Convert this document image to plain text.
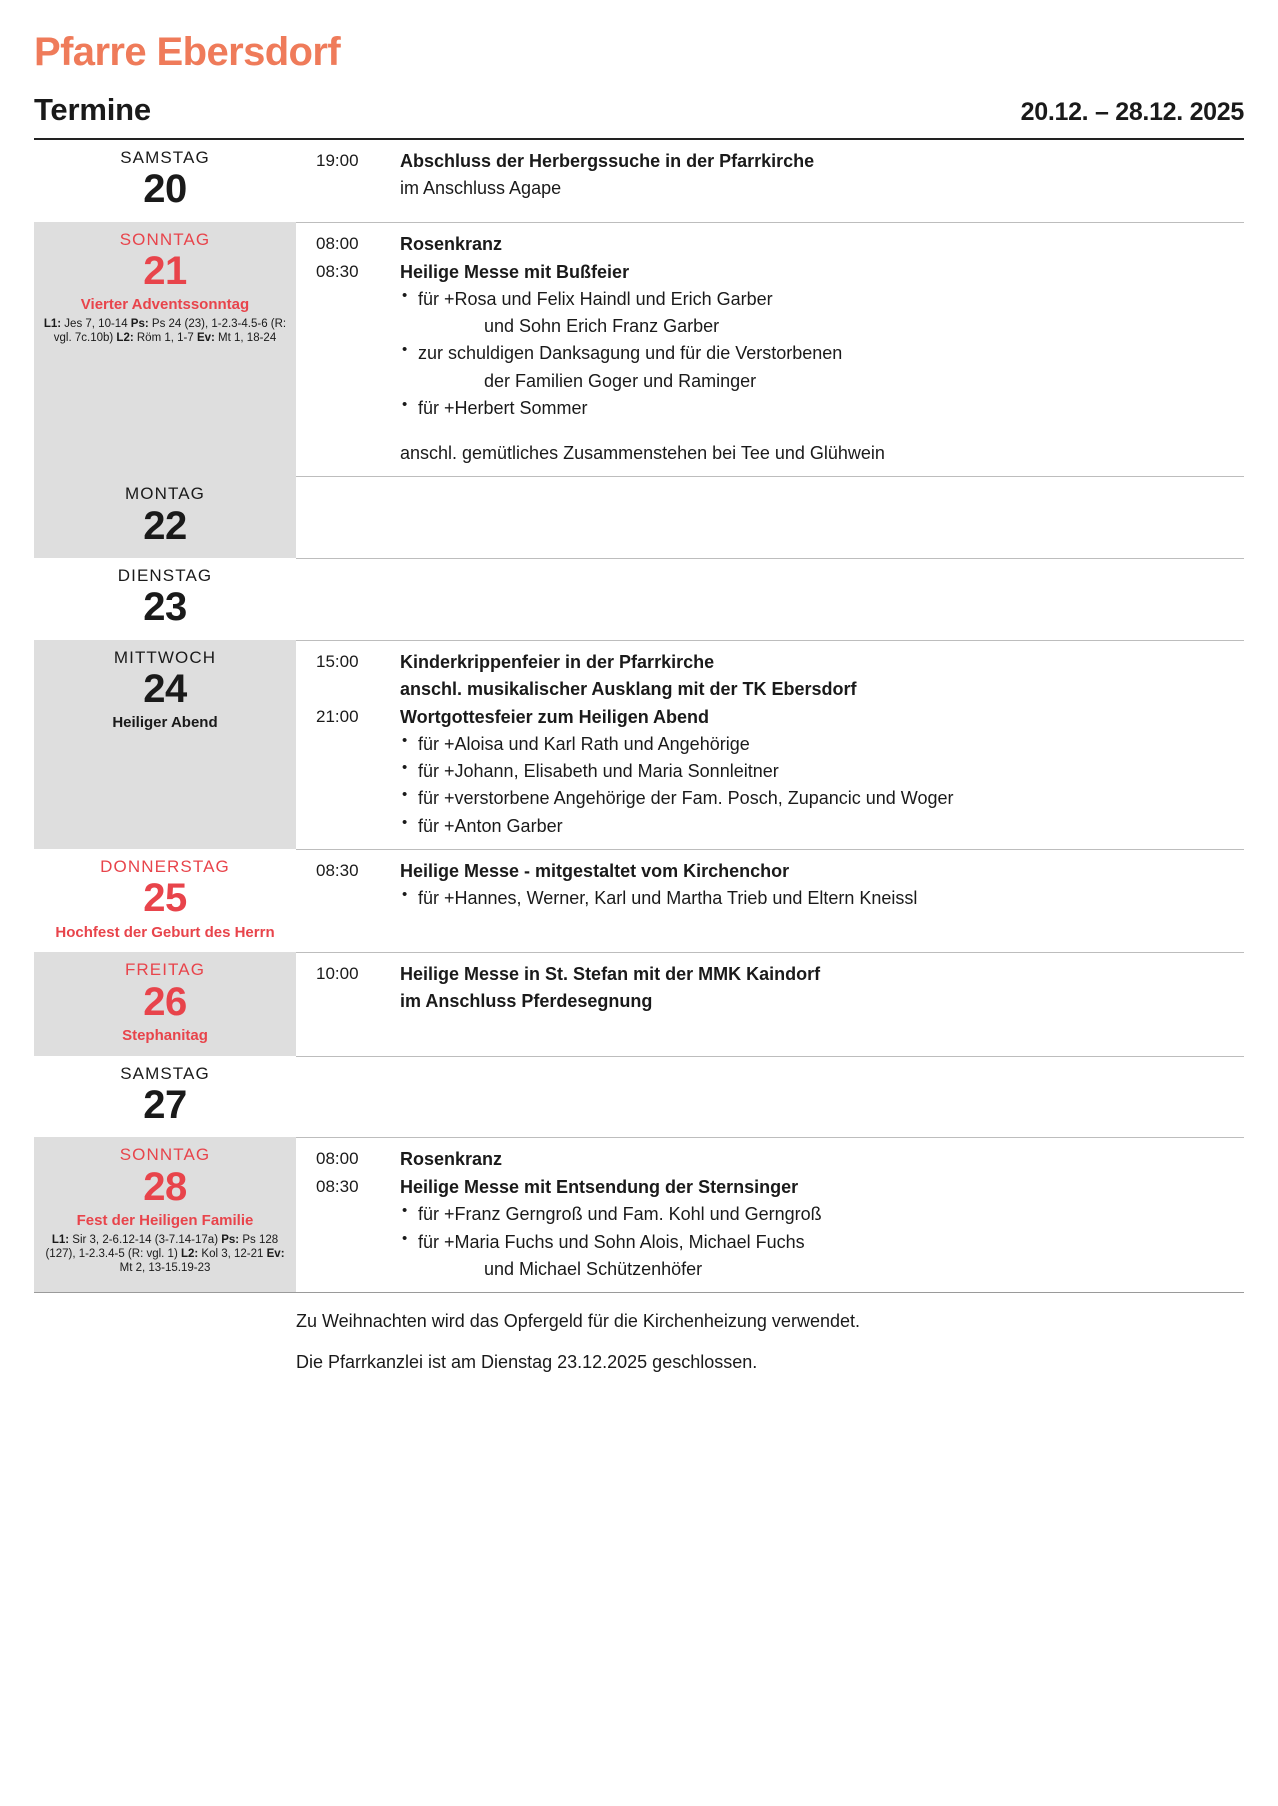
Pfarre Ebersdorf
Termine	20.12. – 28.12. 2025
SAMSTAG
20
19:00	Abschluss der Herbergssuche in der Pfarrkirche
im Anschluss Agape
SONNTAG
21
Vierter Adventssonntag
L1: Jes 7, 10-14 Ps: Ps 24 (23), 1-2.3-4.5-6 (R: vgl. 7c.10b) L2: Röm 1, 1-7 Ev: Mt 1, 18-24
08:00	Rosenkranz
08:30	Heilige Messe mit Bußfeier
• für +Rosa und Felix Haindl und Erich Garber
und Sohn Erich Franz Garber
• zur schuldigen Danksagung und für die Verstorbenen
der Familien Goger und Raminger
• für +Herbert Sommer
anschl. gemütliches Zusammenstehen bei Tee und Glühwein
MONTAG
22
DIENSTAG
23
MITTWOCH
24
Heiliger Abend
15:00	Kinderkrippenfeier in der Pfarrkirche
anschl. musikalischer Ausklang mit der TK Ebersdorf
21:00	Wortgottesfeier zum Heiligen Abend
• für +Aloisa und Karl Rath und Angehörige
• für +Johann, Elisabeth und Maria Sonnleitner
• für +verstorbene Angehörige der Fam. Posch, Zupancic und Woger
• für +Anton Garber
DONNERSTAG
25
Hochfest der Geburt des Herrn
08:30	Heilige Messe - mitgestaltet vom Kirchenchor
• für +Hannes, Werner, Karl und Martha Trieb und Eltern Kneissl
FREITAG
26
Stephanitag
10:00	Heilige Messe in St. Stefan mit der MMK Kaindorf
im Anschluss Pferdesegnung
SAMSTAG
27
SONNTAG
28
Fest der Heiligen Familie
L1: Sir 3, 2-6.12-14 (3-7.14-17a) Ps: Ps 128 (127), 1-2.3.4-5 (R: vgl. 1) L2: Kol 3, 12-21 Ev: Mt 2, 13-15.19-23
08:00	Rosenkranz
08:30	Heilige Messe mit Entsendung der Sternsinger
• für +Franz Gerngroß und Fam. Kohl und Gerngroß
• für +Maria Fuchs und Sohn Alois, Michael Fuchs
und Michael Schützenhöfer
Zu Weihnachten wird das Opfergeld für die Kirchenheizung verwendet.
Die Pfarrkanzlei ist am Dienstag 23.12.2025 geschlossen.
